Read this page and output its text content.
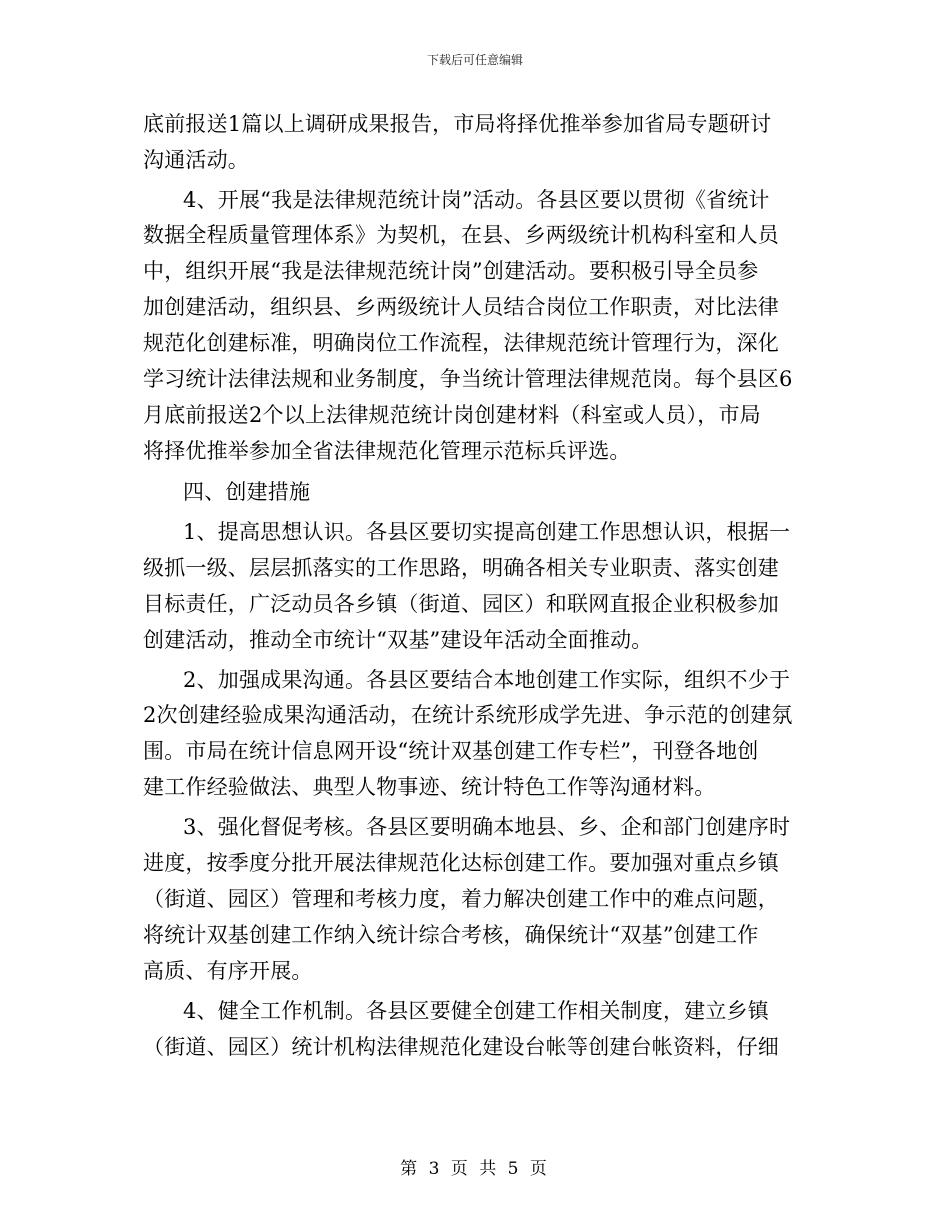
下载后可任意编辑
底前报送1篇以上调研成果报告，市局将择优推举参加省局专题研讨
沟通活动。
4、开展“我是法律规范统计岗”活动。各县区要以贯彻《省统计
数据全程质量管理体系》为契机，在县、乡两级统计机构科室和人员
中，组织开展“我是法律规范统计岗”创建活动。要积极引导全员参
加创建活动，组织县、乡两级统计人员结合岗位工作职责，对比法律
规范化创建标准，明确岗位工作流程，法律规范统计管理行为，深化
学习统计法律法规和业务制度，争当统计管理法律规范岗。每个县区6
月底前报送2个以上法律规范统计岗创建材料（科室或人员），市局
将择优推举参加全省法律规范化管理示范标兵评选。
四、创建措施
1、提高思想认识。各县区要切实提高创建工作思想认识，根据一
级抓一级、层层抓落实的工作思路，明确各相关专业职责、落实创建
目标责任，广泛动员各乡镇（街道、园区）和联网直报企业积极参加
创建活动，推动全市统计“双基”建设年活动全面推动。
2、加强成果沟通。各县区要结合本地创建工作实际，组织不少于
2次创建经验成果沟通活动，在统计系统形成学先进、争示范的创建氛
围。市局在统计信息网开设“统计双基创建工作专栏”，刊登各地创
建工作经验做法、典型人物事迹、统计特色工作等沟通材料。
3、强化督促考核。各县区要明确本地县、乡、企和部门创建序时
进度，按季度分批开展法律规范化达标创建工作。要加强对重点乡镇
（街道、园区）管理和考核力度，着力解决创建工作中的难点问题，
将统计双基创建工作纳入统计综合考核，确保统计“双基”创建工作
高质、有序开展。
4、健全工作机制。各县区要健全创建工作相关制度，建立乡镇
（街道、园区）统计机构法律规范化建设台帐等创建台帐资料，仔细
第 3 页 共 5 页
